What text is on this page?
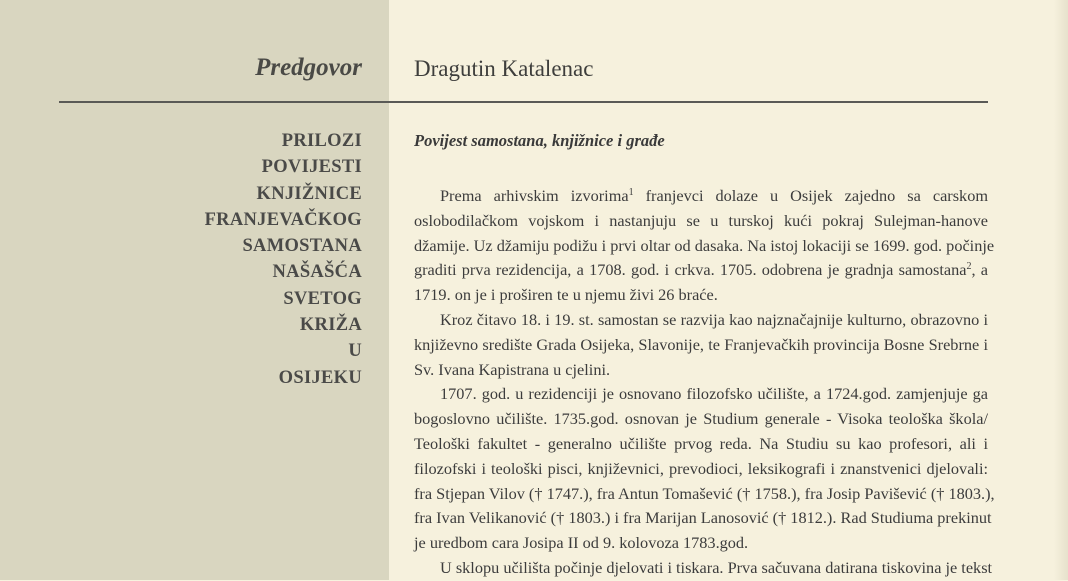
Predgovor Dragutin Katalenac
PRILOZI
POVIJESTI
KNJIŽNICE
FRANJEVAČKOG
SAMOSTANA
NAŠAŠĆA
SVETOG
KRIŽA
U
OSIJEKU
Povijest samostana, knjižnice i građe

Prema arhivskim izvorima$^1$ franjevci dolaze u Osijek zajedno sa carskom
oslobodilačkom vojskom i nastanjuju se u turskoj kući pokraj Sulejman-hanove
džamije. Uz džamiju podižu i prvi oltar od dasaka. Na istoj lokaciji se 1699. god. počinje
graditi prva rezidencija, a 1708. god. i crkva. 1705. odobrena je gradnja samostana$^2$, a
1719. on je i proširen te u njemu živi 26 braće.

Kroz čitavo 18. i 19. st. samostan se razvija kao najznačajnije kulturno, obrazovno i
književno središte Grada Osijeka, Slavonije, te Franjevačkih provincija Bosne Srebrne i
Sv. Ivana Kapistrana u cjelini.

1707. god. u rezidenciji je osnovano filozofsko učilište, a 1724.god. zamjenjuje ga
bogoslovno učilište. 1735.god. osnovan je Studium generale - Visoka teološka škola/
Teološki fakultet - generalno učilište prvog reda. Na Studiu su kao profesori, ali i
filozofski i teološki pisci, književnici, prevodioci, leksikografi i znanstvenici djelovali:
fra Stjepan Vilov († 1747.), fra Antun Tomašević († 1758.), fra Josip Pavišević († 1803.),
fra Ivan Velikanović († 1803.) i fra Marijan Lanosović († 1812.). Rad Studiuma prekinut
je uredbom cara Josipa II od 9. kolovoza 1783.god.

U sklopu učilišta počinje djelovati i tiskara. Prva sačuvana datirana tiskovina je tekst
